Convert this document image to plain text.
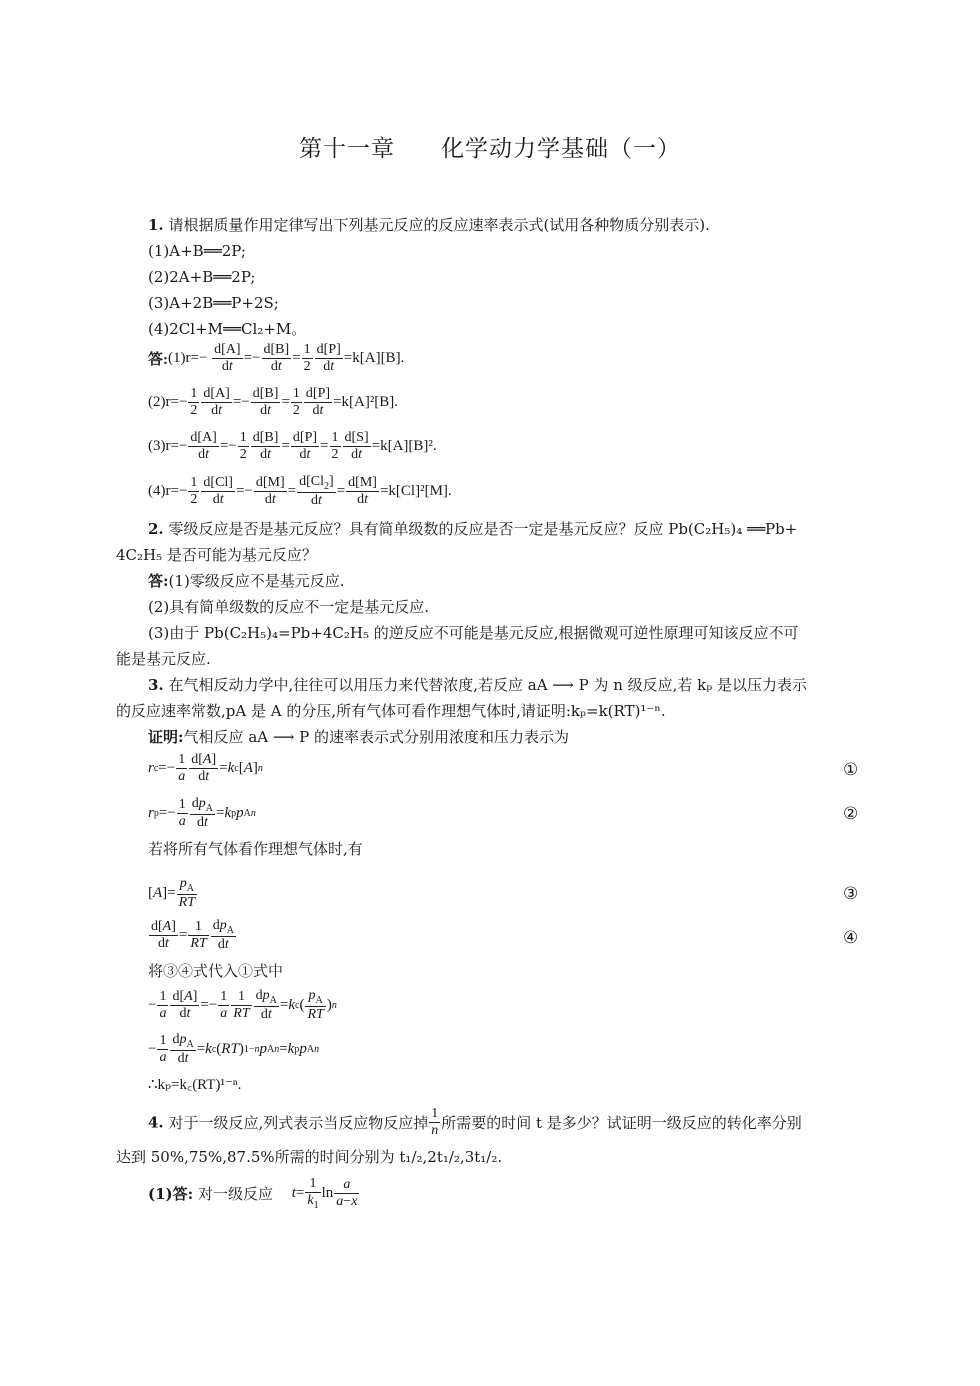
第十一章 化学动力学基础（一）
1. 请根据质量作用定律写出下列基元反应的反应速率表示式(试用各种物质分别表示).
(1)A+B══2P;
(2)2A+B══2P;
(3)A+2B══P+2S;
(4)2Cl+M══Cl₂+M。
答:(1)r=− $\frac{d[A]}{dt} =- \frac{d[B]}{dt} = \frac{1}{2} \frac{d[P]}{dt} =k[A][B]$.
$(2)r=- \frac{1}{2} \frac{d[A]}{dt} =- \frac{d[B]}{dt} = \frac{1}{2} \frac{d[P]}{dt} =k[A]^2[B]$.
$(3)r=- \frac{d[A]}{dt} =- \frac{1}{2} \frac{d[B]}{dt} = \frac{d[P]}{dt} = \frac{1}{2} \frac{d[S]}{dt} =k[A][B]^2$.
$(4)r=- \frac{1}{2} \frac{d[Cl]}{dt} =- \frac{d[M]}{dt} = \frac{d[Cl_2]}{dt} = \frac{d[M]}{dt} =k[Cl]^2[M]$.
2. 零级反应是否是基元反应？具有简单级数的反应是否一定是基元反应？反应 Pb(C₂H₅)₄ ══Pb+
4C₂H₅ 是否可能为基元反应？
答:(1)零级反应不是基元反应.
(2)具有简单级数的反应不一定是基元反应.
(3)由于 Pb(C₂H₅)₄=Pb+4C₂H₅ 的逆反应不可能是基元反应,根据微观可逆性原理可知该反应不可
能是基元反应.
3. 在气相反动力学中,往往可以用压力来代替浓度,若反应 aA ⟶ P 为 n 级反应,若 kₚ 是以压力表示
的反应速率常数,pA 是 A 的分压,所有气体可看作理想气体时,请证明:kₚ=k(RT)¹⁻ⁿ.
证明:气相反应 aA ⟶ P 的速率表示式分别用浓度和压力表示为
$rc=- \frac{1}{a} \frac{d[A]}{dt} =kc[A]n$	①
$rp=- \frac{1}{a} \frac{dp_A}{dt}$ =kppAn	②
若将所有气体看作理想气体时,有
$[A]= \frac{p_A}{RT}$	③
$\frac{d[A]}{dt} = \frac{1}{RT} \frac{dp_A}{dt}$	④
将③④式代入①式中
− $\frac{1}{a} \frac{d[A]}{dt} =- \frac{1}{a} \frac{1}{RT} \frac{dp_A}{dt} =kc( \frac{p_A}{RT} )n$
− $\frac{1}{a} \frac{dp_A}{dt}$ =kc(RT)1−npAn=kppAn
∴kₚ=k꜀(RT)¹⁻ⁿ.
4. 对于一级反应,列式表示当反应物反应掉 $\frac{1}{n}$ 所需要的时间 t 是多少？试证明一级反应的转化率分别
达到 50%,75%,87.5%所需的时间分别为 t₁/₂,2t₁/₂,3t₁/₂.
(1)答: 对一级反应 $t= \frac{1}{k_1}$ $\ln \frac{a}{a-x}$
